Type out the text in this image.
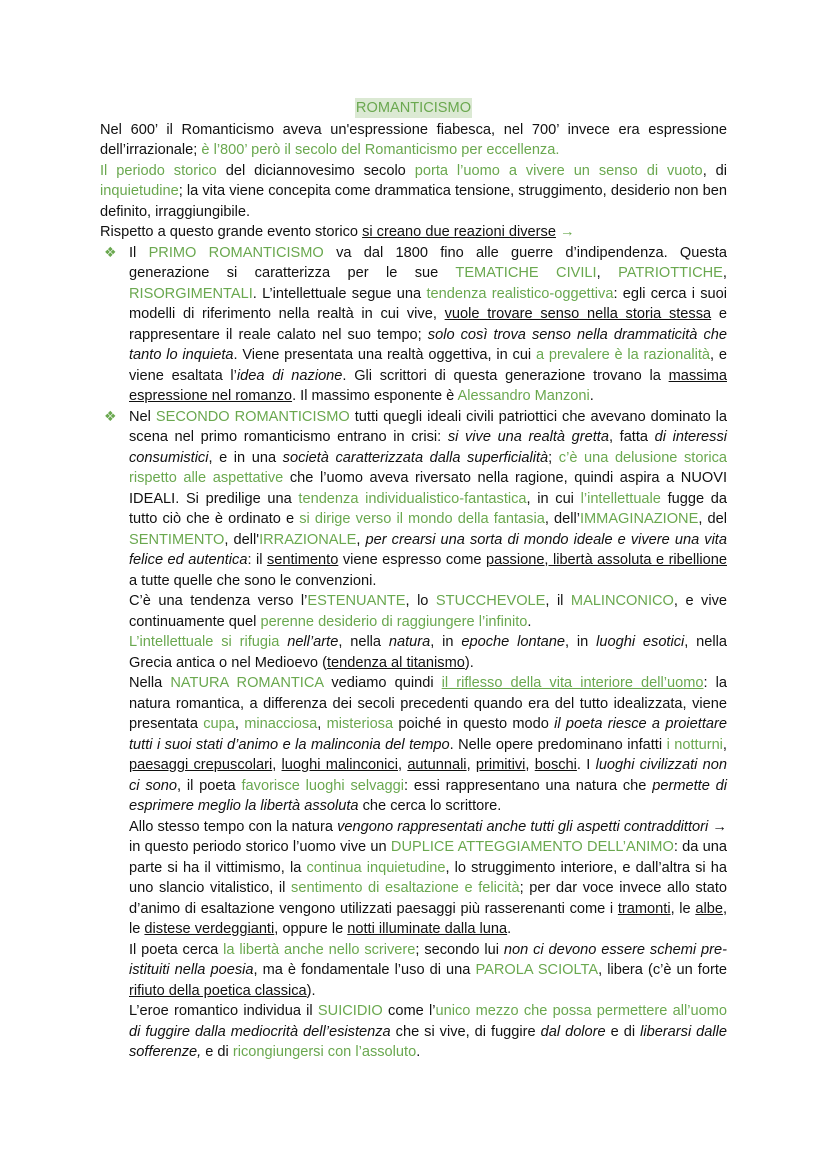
ROMANTICISMO

Nel 600’ il Romanticismo aveva un'espressione fiabesca, nel 700’ invece era espressione dell’irrazionale; è l’800’ però il secolo del Romanticismo per eccellenza.

Il periodo storico del diciannovesimo secolo porta l’uomo a vivere un senso di vuoto, di inquietudine; la vita viene concepita come drammatica tensione, struggimento, desiderio non ben definito, irraggiungibile.

Rispetto a questo grande evento storico si creano due reazioni diverse →

❖ Il PRIMO ROMANTICISMO va dal 1800 fino alle guerre d’indipendenza. Questa generazione si caratterizza per le sue TEMATICHE CIVILI, PATRIOTTICHE, RISORGIMENTALI. L’intellettuale segue una tendenza realistico-oggettiva: egli cerca i suoi modelli di riferimento nella realtà in cui vive, vuole trovare senso nella storia stessa e rappresentare il reale calato nel suo tempo; solo così trova senso nella drammaticità che tanto lo inquieta. Viene presentata una realtà oggettiva, in cui a prevalere è la razionalità, e viene esaltata l’idea di nazione. Gli scrittori di questa generazione trovano la massima espressione nel romanzo. Il massimo esponente è Alessandro Manzoni.

❖ Nel SECONDO ROMANTICISMO tutti quegli ideali civili patriottici che avevano dominato la scena nel primo romanticismo entrano in crisi: si vive una realtà gretta, fatta di interessi consumistici, e in una società caratterizzata dalla superficialità; c’è una delusione storica rispetto alle aspettative che l’uomo aveva riversato nella ragione, quindi aspira a NUOVI IDEALI. Si predilige una tendenza individualistico-fantastica, in cui l’intellettuale fugge da tutto ciò che è ordinato e si dirige verso il mondo della fantasia, dell’IMMAGINAZIONE, del SENTIMENTO, dell'IRRAZIONALE, per crearsi una sorta di mondo ideale e vivere una vita felice ed autentica: il sentimento viene espresso come passione, libertà assoluta e ribellione a tutte quelle che sono le convenzioni.

C’è una tendenza verso l’ESTENUANTE, lo STUCCHEVOLE, il MALINCONICO, e vive continuamente quel perenne desiderio di raggiungere l’infinito.

L’intellettuale si rifugia nell’arte, nella natura, in epoche lontane, in luoghi esotici, nella Grecia antica o nel Medioevo (tendenza al titanismo).

Nella NATURA ROMANTICA vediamo quindi il riflesso della vita interiore dell’uomo: la natura romantica, a differenza dei secoli precedenti quando era del tutto idealizzata, viene presentata cupa, minacciosa, misteriosa poiché in questo modo il poeta riesce a proiettare tutti i suoi stati d’animo e la malinconia del tempo. Nelle opere predominano infatti i notturni, paesaggi crepuscolari, luoghi malinconici, autunnali, primitivi, boschi. I luoghi civilizzati non ci sono, il poeta favorisce luoghi selvaggi: essi rappresentano una natura che permette di esprimere meglio la libertà assoluta che cerca lo scrittore.

Allo stesso tempo con la natura vengono rappresentati anche tutti gli aspetti contraddittori → in questo periodo storico l’uomo vive un DUPLICE ATTEGGIAMENTO DELL’ANIMO: da una parte si ha il vittimismo, la continua inquietudine, lo struggimento interiore, e dall’altra si ha uno slancio vitalistico, il sentimento di esaltazione e felicità; per dar voce invece allo stato d’animo di esaltazione vengono utilizzati paesaggi più rasserenanti come i tramonti, le albe, le distese verdeggianti, oppure le notti illuminate dalla luna.

Il poeta cerca la libertà anche nello scrivere; secondo lui non ci devono essere schemi pre-istituiti nella poesia, ma è fondamentale l’uso di una PAROLA SCIOLTA, libera (c’è un forte rifiuto della poetica classica).

L’eroe romantico individua il SUICIDIO come l’unico mezzo che possa permettere all’uomo di fuggire dalla mediocrità dell’esistenza che si vive, di fuggire dal dolore e di liberarsi dalle sofferenze, e di ricongiungersi con l’assoluto.
